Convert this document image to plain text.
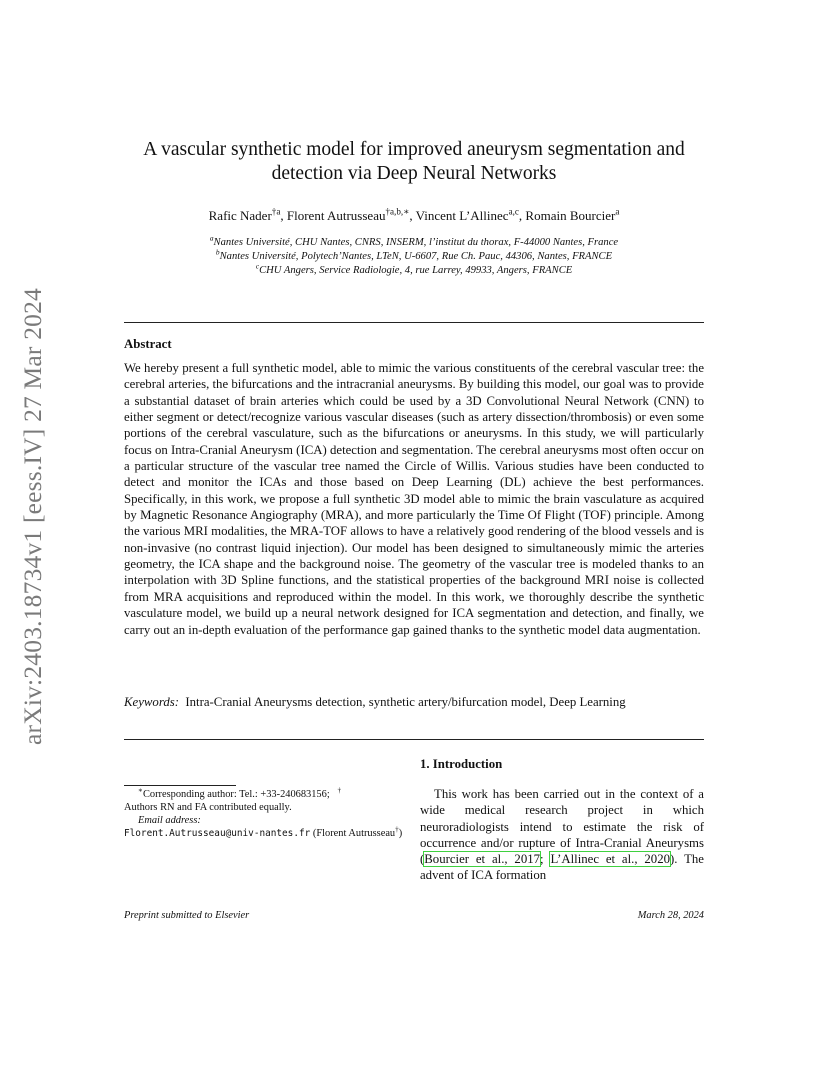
arXiv:2403.18734v1 [eess.IV] 27 Mar 2024
A vascular synthetic model for improved aneurysm segmentation and detection via Deep Neural Networks
Rafic Nader$^{\dagger a}$, Florent Autrusseau$^{\dagger a,b,∗}$, Vincent L’Allinec$^{a,c}$, Romain Bourcier$^a$
$^a$Nantes Université, CHU Nantes, CNRS, INSERM, l’institut du thorax, F-44000 Nantes, France
$^b$Nantes Université, Polytech’Nantes, LTeN, U-6607, Rue Ch. Pauc, 44306, Nantes, FRANCE
$^c$CHU Angers, Service Radiologie, 4, rue Larrey, 49933, Angers, FRANCE
Abstract
We hereby present a full synthetic model, able to mimic the various constituents of the cerebral vascular tree: the cerebral arteries, the bifurcations and the intracranial aneurysms. By building this model, our goal was to provide a substantial dataset of brain arteries which could be used by a 3D Convolutional Neural Network (CNN) to either segment or detect/recognize various vascular diseases (such as artery dissection/thrombosis) or even some portions of the cerebral vasculature, such as the bifurcations or aneurysms. In this study, we will particularly focus on Intra-Cranial Aneurysm (ICA) detection and segmentation. The cerebral aneurysms most often occur on a particular structure of the vascular tree named the Circle of Willis. Various studies have been conducted to detect and monitor the ICAs and those based on Deep Learning (DL) achieve the best performances. Specifically, in this work, we propose a full synthetic 3D model able to mimic the brain vasculature as acquired by Magnetic Resonance Angiography (MRA), and more particularly the Time Of Flight (TOF) principle. Among the various MRI modalities, the MRA-TOF allows to have a relatively good rendering of the blood vessels and is non-invasive (no contrast liquid injection). Our model has been designed to simultaneously mimic the arteries geometry, the ICA shape and the background noise. The geometry of the vascular tree is modeled thanks to an interpolation with 3D Spline functions, and the statistical properties of the background MRI noise is collected from MRA acquisitions and reproduced within the model. In this work, we thoroughly describe the synthetic vasculature model, we build up a neural network designed for ICA segmentation and detection, and finally, we carry out an in-depth evaluation of the performance gap gained thanks to the synthetic model data augmentation.
Keywords: Intra-Cranial Aneurysms detection, synthetic artery/bifurcation model, Deep Learning
∗Corresponding author: Tel.: +33-240683156; †
Authors RN and FA contributed equally.
Email address:
Florent.Autrusseau@univ-nantes.fr (Florent Autrusseau†)
1. Introduction
This work has been carried out in the context of a wide medical research project in which neuroradiologists intend to estimate the risk of occurrence and/or rupture of Intra-Cranial Aneurysms (Bourcier et al., 2017; L’Allinec et al., 2020). The advent of ICA formation
Preprint submitted to Elsevier	March 28, 2024
